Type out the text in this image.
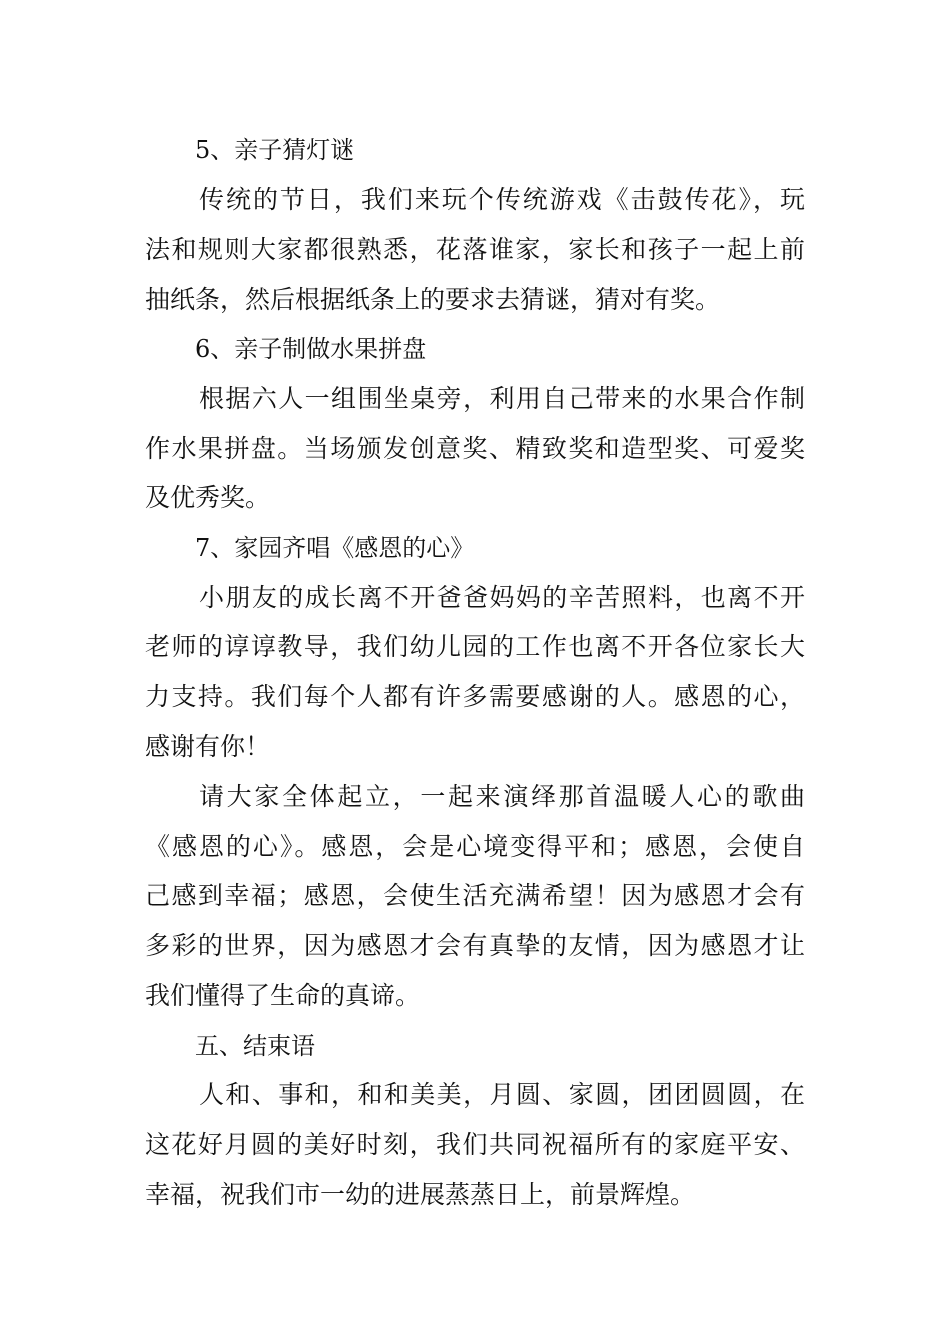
5、亲子猜灯谜
传统的节日，我们来玩个传统游戏《击鼓传花》，玩
法和规则大家都很熟悉，花落谁家，家长和孩子一起上前
抽纸条，然后根据纸条上的要求去猜谜，猜对有奖。
6、亲子制做水果拼盘
根据六人一组围坐桌旁，利用自己带来的水果合作制
作水果拼盘。当场颁发创意奖、精致奖和造型奖、可爱奖
及优秀奖。
7、家园齐唱《感恩的心》
小朋友的成长离不开爸爸妈妈的辛苦照料，也离不开
老师的谆谆教导，我们幼儿园的工作也离不开各位家长大
力支持。我们每个人都有许多需要感谢的人。感恩的心，
感谢有你！
请大家全体起立，一起来演绎那首温暖人心的歌曲
《感恩的心》。感恩，会是心境变得平和；感恩，会使自
己感到幸福；感恩，会使生活充满希望！因为感恩才会有
多彩的世界，因为感恩才会有真挚的友情，因为感恩才让
我们懂得了生命的真谛。
五、结束语
人和、事和，和和美美，月圆、家圆，团团圆圆，在
这花好月圆的美好时刻，我们共同祝福所有的家庭平安、
幸福，祝我们市一幼的进展蒸蒸日上，前景辉煌。
